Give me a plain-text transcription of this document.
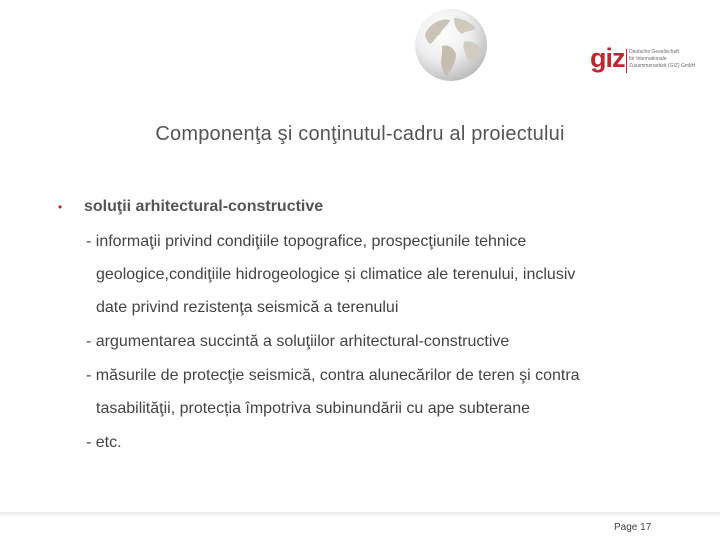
giz Deutsche Gesellschaft
für Internationale
Zusammenarbeit (GIZ) GmbH
Componenţa şi conţinutul-cadru al proiectului
• soluţii arhitectural-constructive
- informaţii privind condiţiile topografice, prospecţiunile tehnice
geologice,condiţiile hidrogeologice și climatice ale terenului, inclusiv
date privind rezistenţa seismică a terenului
- argumentarea succintă a soluţiilor arhitectural-constructive
- măsurile de protecţie seismică, contra alunecărilor de teren şi contra
tasabilităţii, protecția împotriva subinundării cu ape subterane
- etc.
Page 17
